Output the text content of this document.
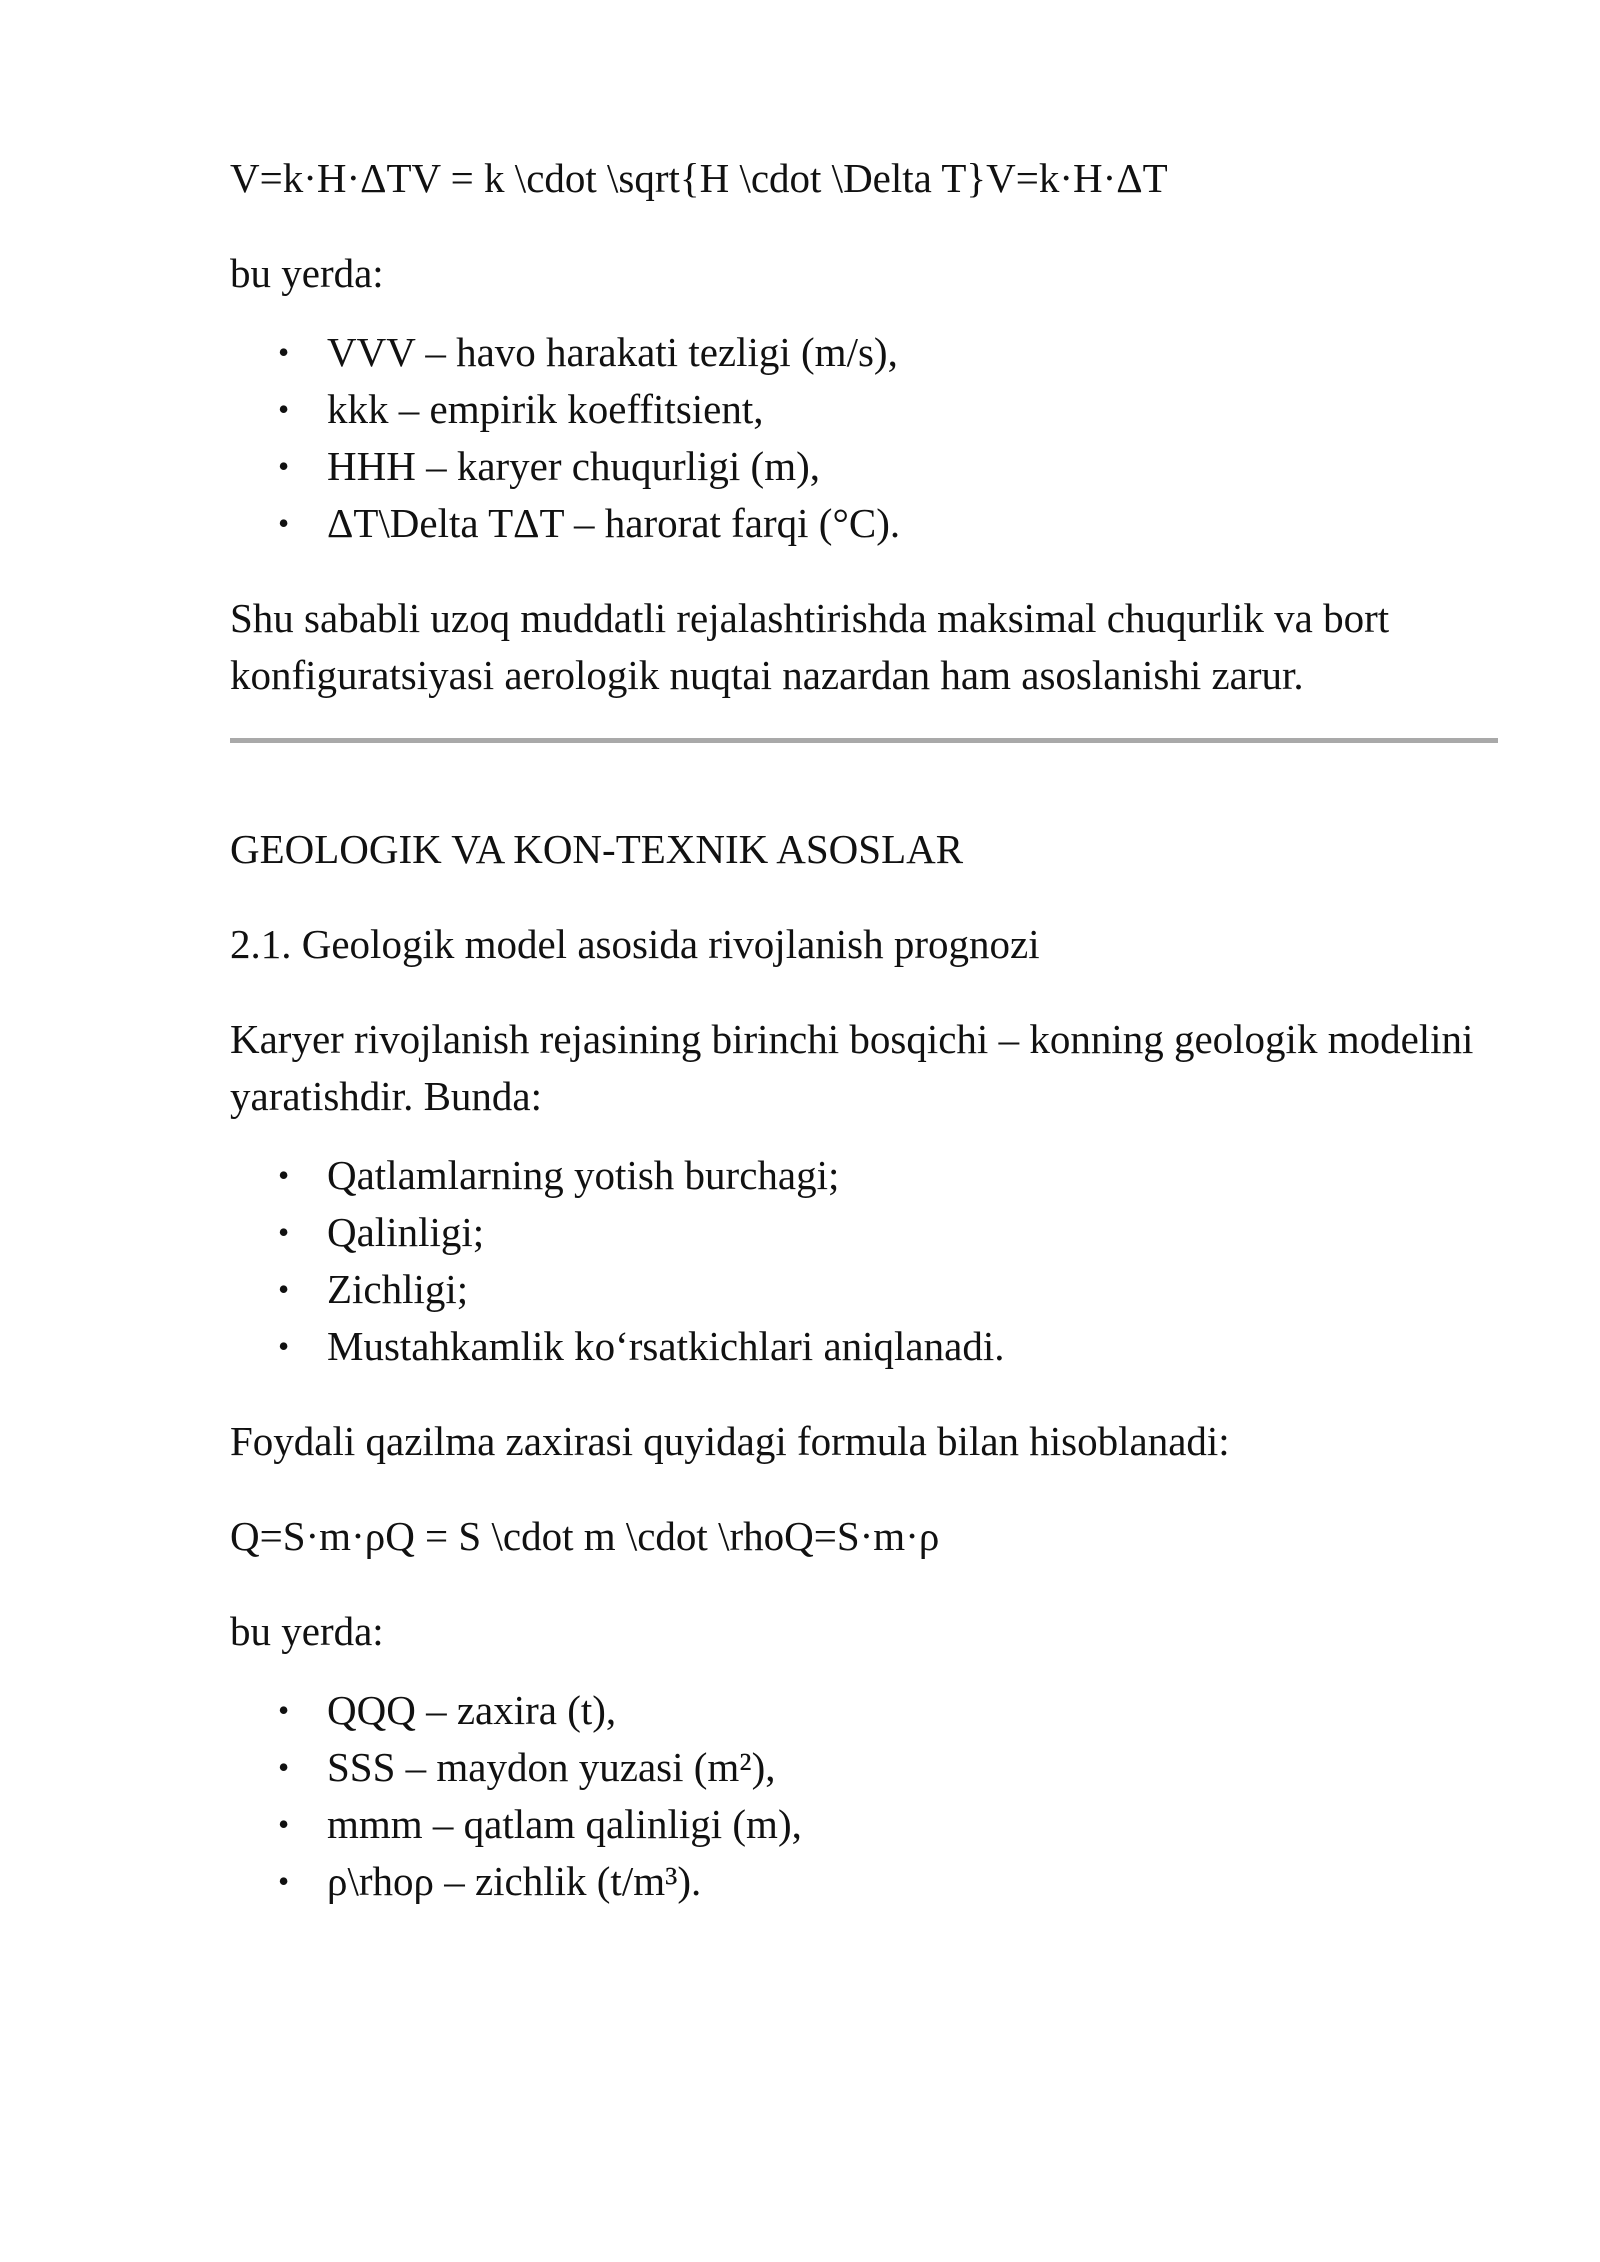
V=k·H·ΔTV = k \cdot \sqrt{H \cdot \Delta T}V=k·H·ΔT

bu yerda:

• VVV – havo harakati tezligi (m/s),
• kkk – empirik koeffitsient,
• HHH – karyer chuqurligi (m),
• ΔT\Delta TΔT – harorat farqi (°C).

Shu sababli uzoq muddatli rejalashtirishda maksimal chuqurlik va bort konfiguratsiyasi aerologik nuqtai nazardan ham asoslanishi zarur.

GEOLOGIK VA KON-TEXNIK ASOSLAR

2.1. Geologik model asosida rivojlanish prognozi

Karyer rivojlanish rejasining birinchi bosqichi – konning geologik modelini yaratishdir. Bunda:

• Qatlamlarning yotish burchagi;
• Qalinligi;
• Zichligi;
• Mustahkamlik ko‘rsatkichlari aniqlanadi.

Foydali qazilma zaxirasi quyidagi formula bilan hisoblanadi:

Q=S·m·ρQ = S \cdot m \cdot \rhoQ=S·m·ρ

bu yerda:

• QQQ – zaxira (t),
• SSS – maydon yuzasi (m²),
• mmm – qatlam qalinligi (m),
• ρ\rhoρ – zichlik (t/m³).
